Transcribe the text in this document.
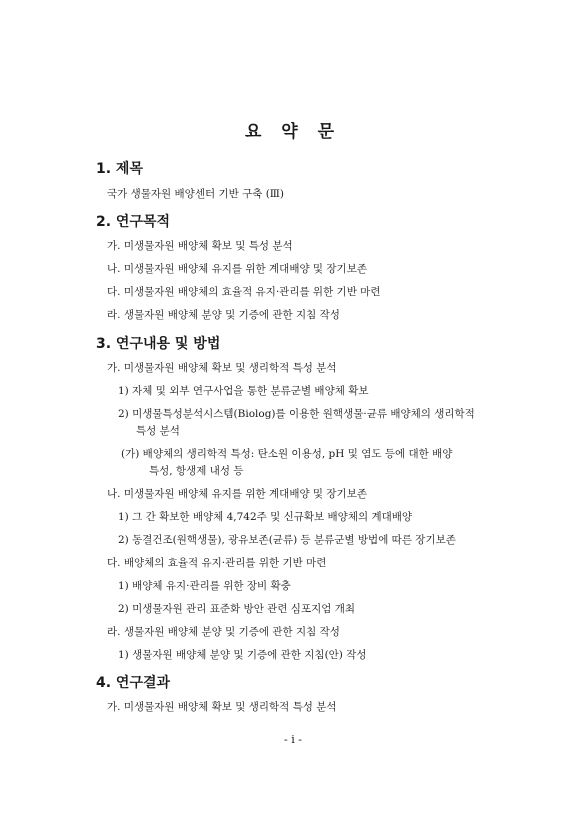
요 약 문
1. 제목
국가 생물자원 배양센터 기반 구축 (Ⅲ)
2. 연구목적
가. 미생물자원 배양체 확보 및 특성 분석
나. 미생물자원 배양체 유지를 위한 계대배양 및 장기보존
다. 미생물자원 배양체의 효율적 유지·관리를 위한 기반 마련
라. 생물자원 배양체 분양 및 기증에 관한 지침 작성
3. 연구내용 및 방법
가. 미생물자원 배양체 확보 및 생리학적 특성 분석
1) 자체 및 외부 연구사업을 통한 분류군별 배양체 확보
2) 미생물특성분석시스템(Biolog)를 이용한 원핵생물·균류 배양체의 생리학적
특성 분석
(가) 배양체의 생리학적 특성: 탄소원 이용성, pH 및 염도 등에 대한 배양
특성, 항생제 내성 등
나. 미생물자원 배양체 유지를 위한 계대배양 및 장기보존
1) 그 간 확보한 배양체 4,742주 및 신규확보 배양체의 계대배양
2) 동결건조(원핵생물), 광유보존(균류) 등 분류군별 방법에 따른 장기보존
다. 배양체의 효율적 유지·관리를 위한 기반 마련
1) 배양체 유지·관리를 위한 장비 확충
2) 미생물자원 관리 표준화 방안 관련 심포지엄 개최
라. 생물자원 배양체 분양 및 기증에 관한 지침 작성
1) 생물자원 배양체 분양 및 기증에 관한 지침(안) 작성
4. 연구결과
가. 미생물자원 배양체 확보 및 생리학적 특성 분석
- i -
